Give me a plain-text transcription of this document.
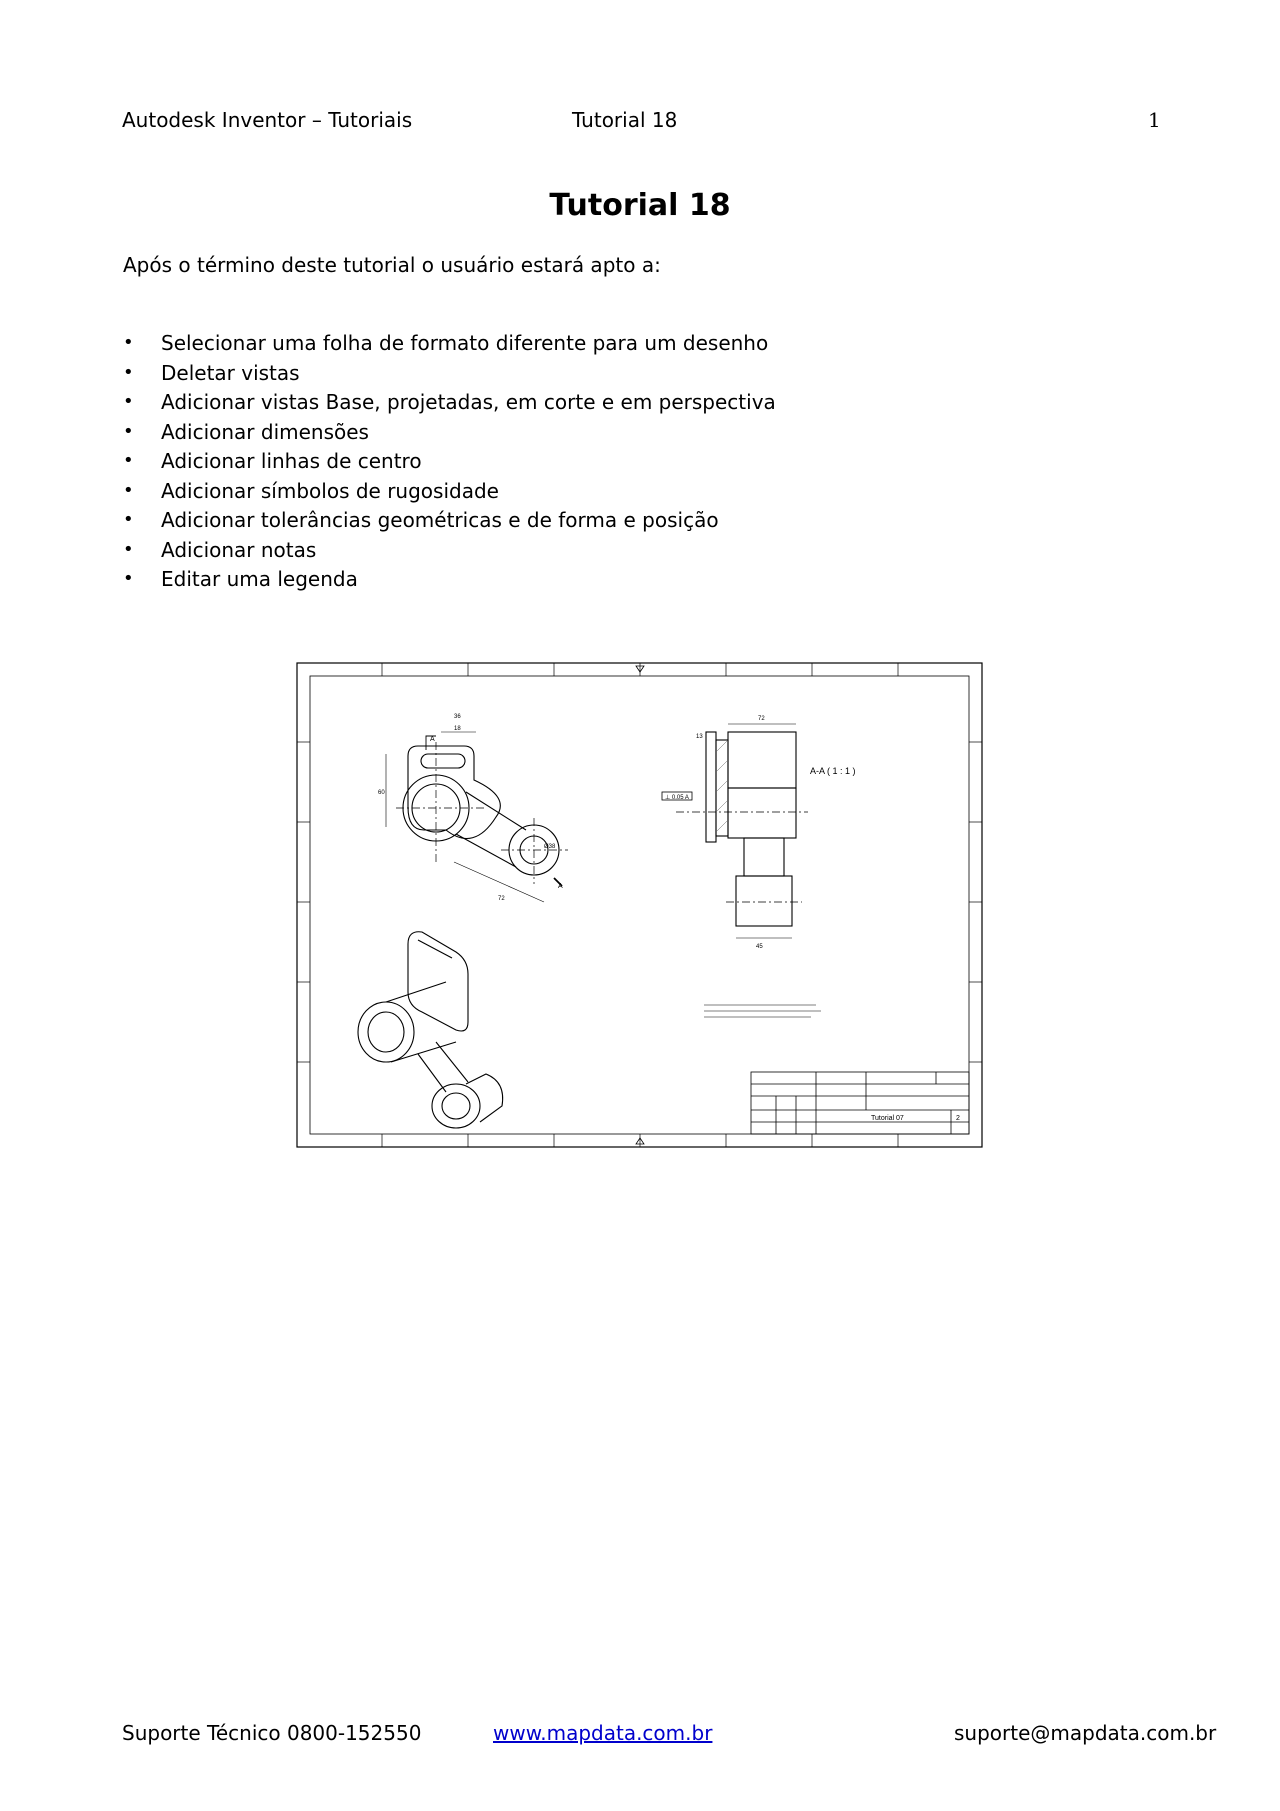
Autodesk Inventor – Tutoriais	Tutorial 18	1
Tutorial 18
Após o término deste tutorial o usuário estará apto a:
•	Selecionar uma folha de formato diferente para um desenho
•	Deletar vistas
•	Adicionar vistas Base, projetadas, em corte e em perspectiva
•	Adicionar dimensões
•	Adicionar linhas de centro
•	Adicionar símbolos de rugosidade
•	Adicionar tolerâncias geométricas e de forma e posição
•	Adicionar notas
•	Editar uma legenda
36
18
60
72
Ø38
A
A
72
13
45
⊥ 0.05 A
A-A ( 1 : 1 )
Tutorial 07	2
Suporte Técnico 0800-152550	www.mapdata.com.br	suporte@mapdata.com.br
